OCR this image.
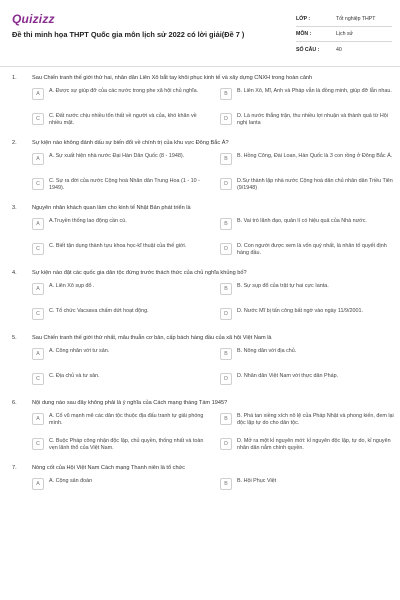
Quizizz
Đề thi minh họa THPT Quốc gia môn lịch sử 2022 có lời giải(Đề 7 )
LỚP :	Tốt nghiệp THPT
MÔN :	Lịch sử
SỐ CÂU :	40
1.	Sau Chiến tranh thế giới thứ hai, nhân dân Liên Xô bắt tay khôi phục kinh tế và xây dựng CNXH trong hoàn cảnh
A	A. Được sự giúp đỡ của các nước trong phe xã hội chủ nghĩa.	B	B. Liên Xô, Mĩ, Anh và Pháp vẫn là đồng minh, giúp đỡ lẫn nhau.
C	C. Đất nước chịu nhiều tổn thất về người và của, khó khăn về nhiều mặt.
D	D. Là nước thắng trận, thu nhiều lợi nhuận và thành quả từ Hội nghị Ianta
2.	Sự kiện nào không đánh dấu sự biến đổi về chính trị của khu vực Đông Bắc Á?
A	A. Sự xuất hiện nhà nước Đại Hàn Dân Quốc (8 - 1948).	B	B. Hồng Công, Đài Loan, Hàn Quốc là 3 con rồng ở Đông Bắc Á.
C	C. Sự ra đời của nước Cộng hoà Nhân dân Trung Hoa (1 - 10 - 1949).
D	D.Sự thành lập nhà nước Cộng hoà dân chủ nhân dân Triều Tiên (9/1948)
3.	Nguyên nhân khách quan làm cho kinh tế Nhật Bản phát triển là
A	A.Truyền thống lao động cần cù.	B	B. Vai trò lãnh đạo, quản lí có hiệu quả của Nhà nước.
C	C. Biết tận dụng thành tựu khoa học-kĩ thuật của thế giới.	D	D. Con người được xem là vốn quý nhất, là nhân tố quyết định hàng đầu.
4.	Sự kiện nào đặt các quốc gia dân tộc đứng trước thách thức của chủ nghĩa khủng bố?
A	A. Liên Xô sụp đổ .	B	B. Sự sụp đổ của trật tự hai cực Ianta.
C	C. Tổ chức Vacsava chấm dứt hoạt động.	D	D. Nước Mĩ bị tấn công bất ngờ vào ngày 11/9/2001.
5.	Sau Chiến tranh thế giới thứ nhất, mâu thuẫn cơ bản, cấp bách hàng đầu của xã hội Việt Nam là
A	A. Công nhân với tư sản.	B	B. Nông dân với địa chủ.
C	C. Địa chủ và tư sản.	D	D. Nhân dân Việt Nam với thực dân Pháp.
6.	Nội dung nào sau đây không phải là ý nghĩa của Cách mạng tháng Tám 1945?
A	A. Cổ vũ mạnh mẽ các dân tộc thuộc địa đấu tranh tự giải phóng mình.
B	B. Phá tan xiềng xích nô lệ của Pháp Nhật và phong kiến, đem lại độc lập tự do cho dân tộc.
C	C. Buộc Pháp công nhận độc lập, chủ quyền, thống nhất và toàn vẹn lãnh thổ của Việt Nam.
D	D. Mở ra một kỉ nguyên mới: kỉ nguyên độc lập, tự do, kỉ nguyên nhân dân nắm chính quyền.
7.	Nòng cốt của Hội Việt Nam Cách mạng Thanh niên là tổ chức
A	A. Cộng sản đoàn	B	B. Hội Phục Việt
